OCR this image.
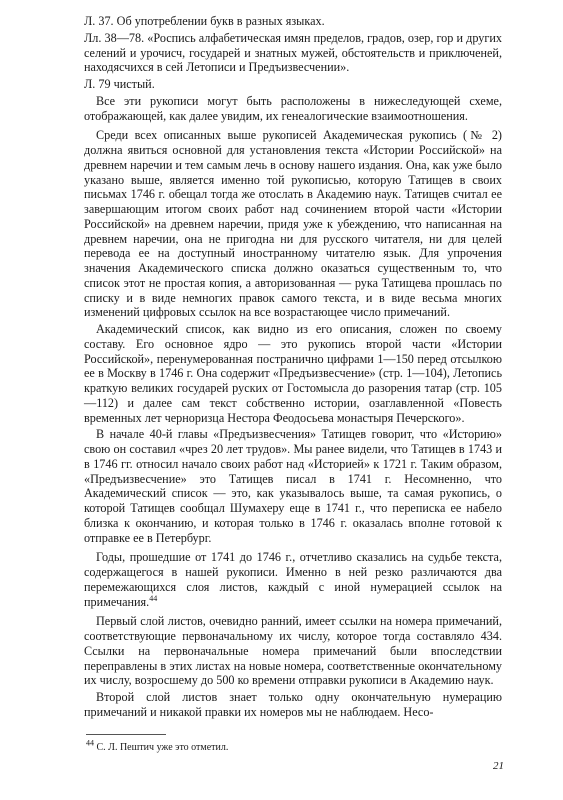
Л. 37. Об употреблении букв в разных языках.

Лл. 38—78. «Роспись алфабетическая имян пределов, градов, озер, гор и других селений и урочисч, государей и знатных мужей, обстоятельств и приключеней, находясчихся в сей Летописи и Предъизвесчении».

Л. 79 чистый.

Все эти рукописи могут быть расположены в нижеследующей схеме, отображающей, как далее увидим, их генеалогические взаимоотношения.

Среди всех описанных выше рукописей Академическая рукопись (№ 2) должна явиться основной для установления текста «Истории Российской» на древнем наречии и тем самым лечь в основу нашего издания. Она, как уже было указано выше, является именно той рукописью, которую Татищев в своих письмах 1746 г. обещал тогда же отослать в Академию наук. Татищев считал ее завершающим итогом своих работ над сочинением второй части «Истории Российской» на древнем наречии, придя уже к убеждению, что написанная на древнем наречии, она не пригодна ни для русского читателя, ни для целей перевода ее на доступный иностранному читателю язык. Для упрочения значения Академического списка должно оказаться существенным то, что список этот не простая копия, а авторизованная — рука Татищева прошлась по списку и в виде немногих правок самого текста, и в виде весьма многих изменений цифровых ссылок на все возрастающее число примечаний.

Академический список, как видно из его описания, сложен по своему составу. Его основное ядро — это рукопись второй части «Истории Российской», перенумерованная постранично цифрами 1—150 перед отсылкою ее в Москву в 1746 г. Она содержит «Предъизвесчение» (стр. 1—104), Летопись краткую великих государей рускиx от Гостомысла до разорения татар (стр. 105—112) и далее сам текст собственно истории, озаглавленной «Повесть временных лет черноризца Нестора Феодосьева монастыря Печерского».

В начале 40-й главы «Предъизвесчения» Татищев говорит, что «Историю» свою он составил «чрез 20 лет трудов». Мы ранее видели, что Татищев в 1743 и в 1746 гг. относил начало своих работ над «Историей» к 1721 г. Таким образом, «Предъизвесчение» это Татищев писал в 1741 г. Несомненно, что Академический список — это, как указывалось выше, та самая рукопись, о которой Татищев сообщал Шумахеру еще в 1741 г., что переписка ее набело близка к окончанию, и которая только в 1746 г. оказалась вполне готовой к отправке ее в Петербург.

Годы, прошедшие от 1741 до 1746 г., отчетливо сказались на судьбе текста, содержащегося в нашей рукописи. Именно в ней резко различаются два перемежающихся слоя листов, каждый с иной нумерацией ссылок на примечания.$^{44}$

Первый слой листов, очевидно ранний, имеет ссылки на номера примечаний, соответствующие первоначальному их числу, которое тогда составляло 434. Ссылки на первоначальные номера примечаний были впоследствии переправлены в этих листах на новые номера, соответственные окончательному их числу, возросшему до 500 ко времени отправки рукописи в Академию наук.

Второй слой листов знает только одну окончательную нумерацию примечаний и никакой правки их номеров мы не наблюдаем. Несо-

$^{44}$ С. Л. Пештич уже это отметил.
21
